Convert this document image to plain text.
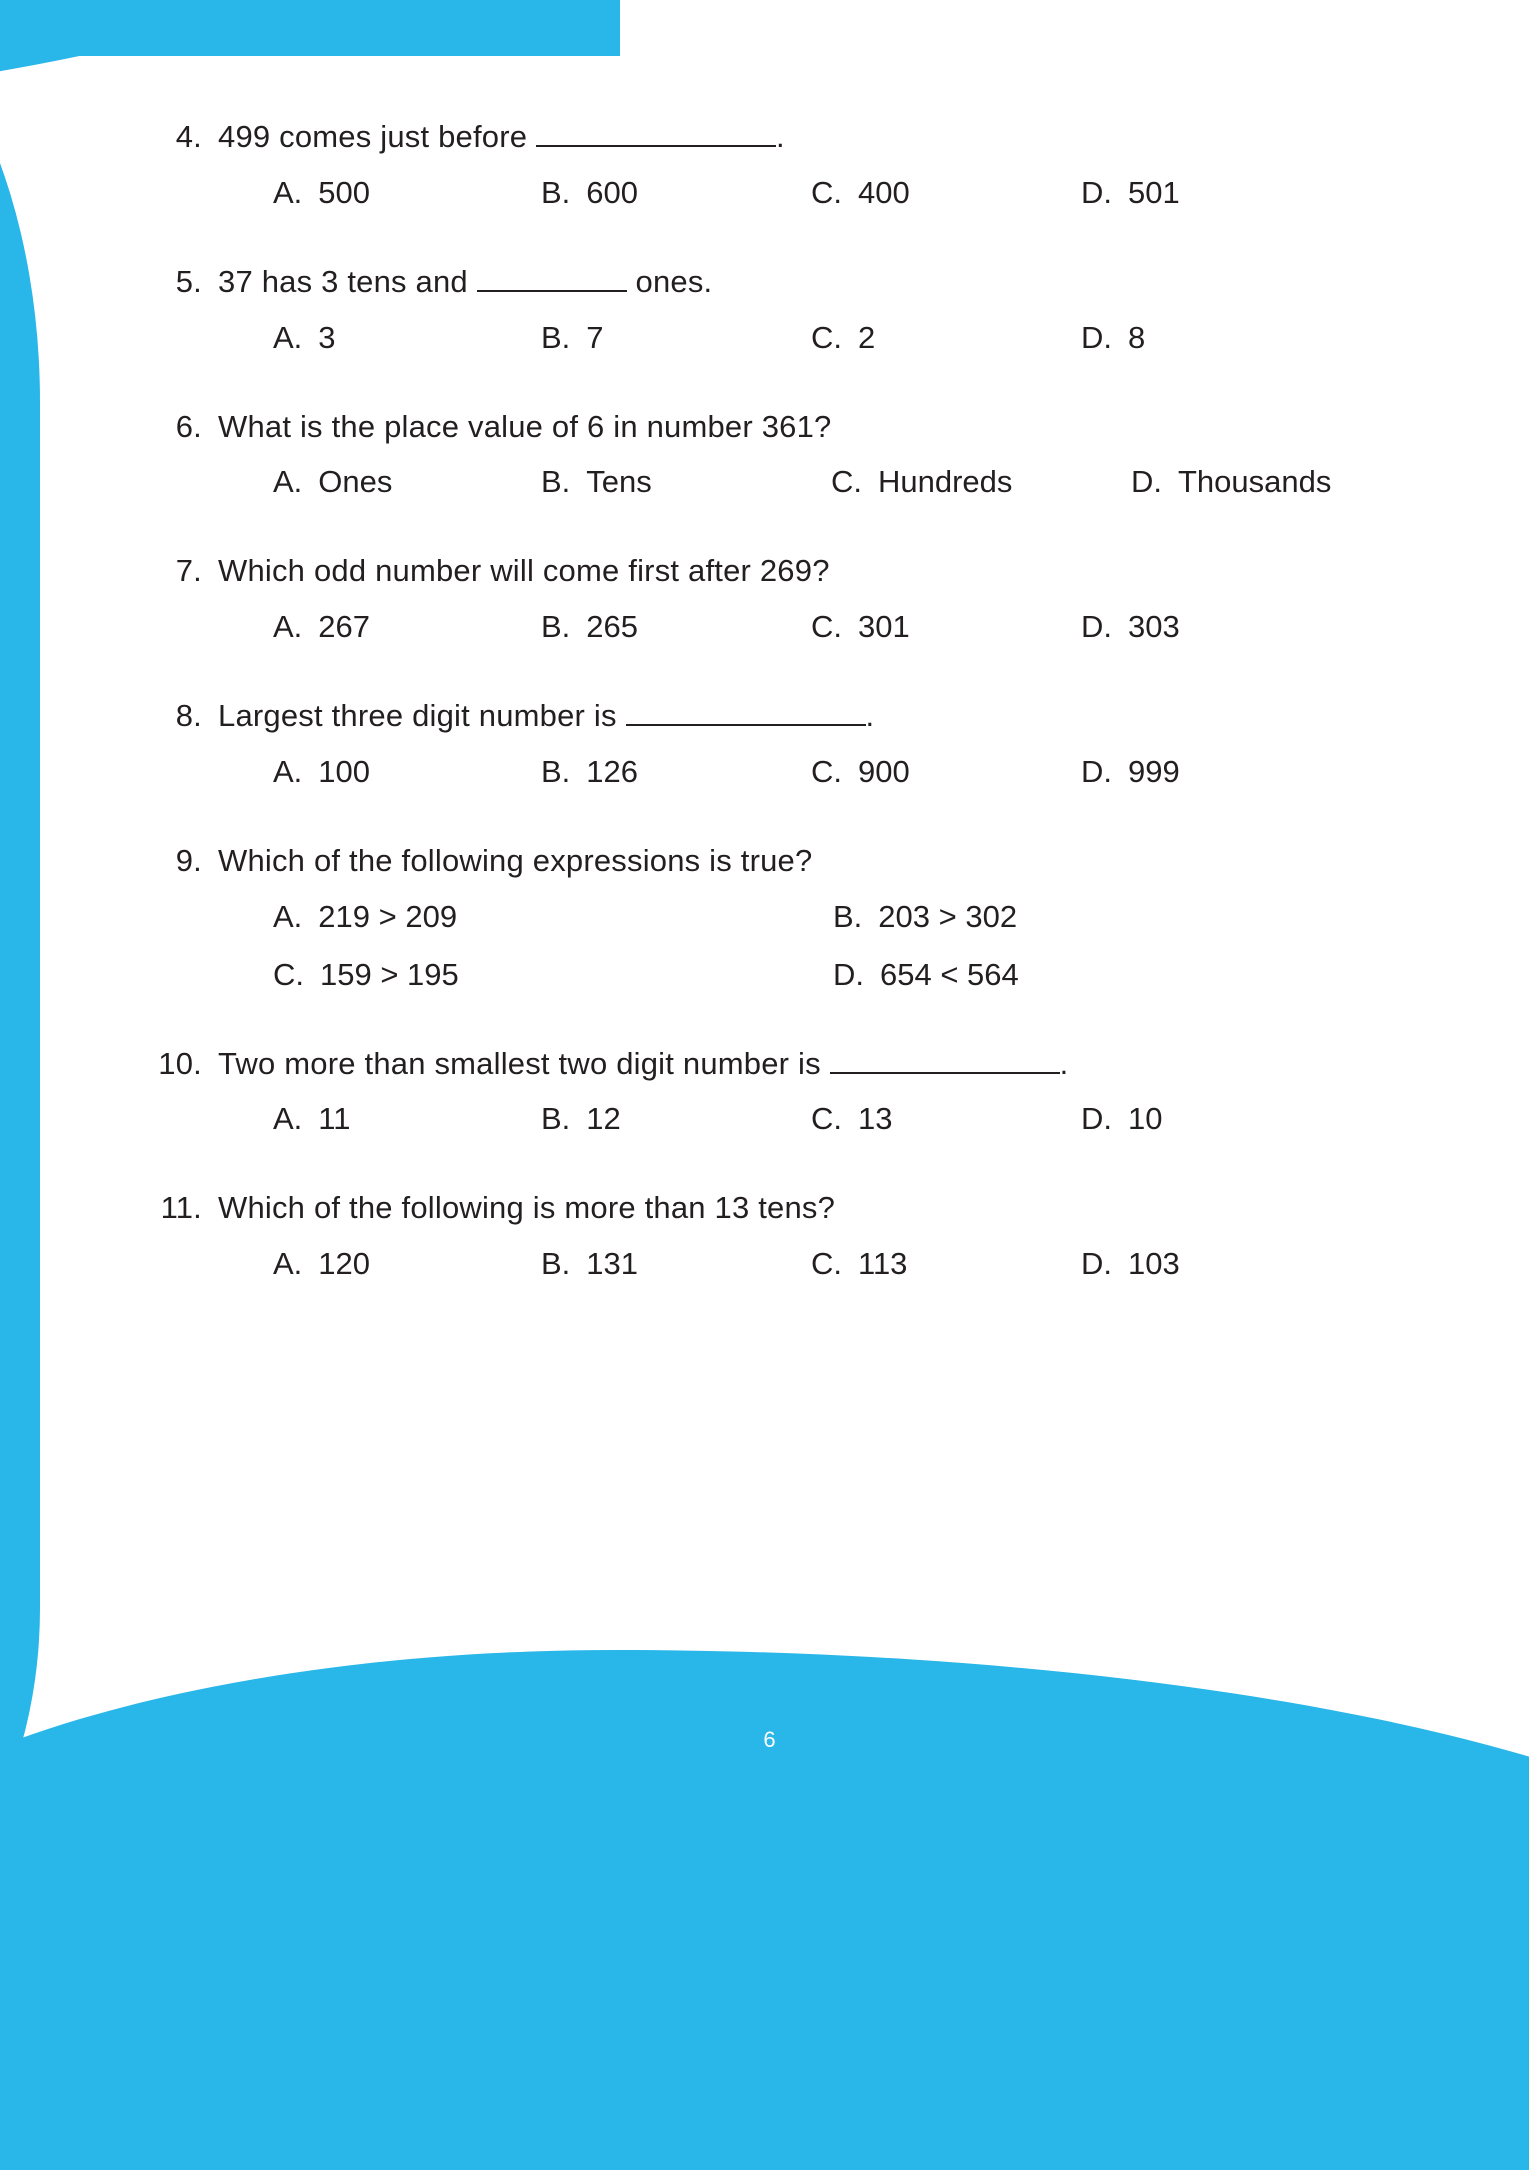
4. 499 comes just before	.
A. 500	B. 600	C. 400	D. 501
5. 37 has 3 tens and	ones.
A. 3	B. 7	C. 2	D. 8
6. What is the place value of 6 in number 361?
A. Ones	B. Tens	C. Hundreds	D. Thousands
7. Which odd number will come first after 269?
A. 267	B. 265	C. 301	D. 303
8. Largest three digit number is	.
A. 100	B. 126	C. 900	D. 999
9. Which of the following expressions is true?
A. 219 > 209	B. 203 > 302
C. 159 > 195	D. 654 < 564
10. Two more than smallest two digit number is	.
A. 11	B. 12	C. 13	D. 10
11. Which of the following is more than 13 tens?
A. 120	B. 131	C. 113	D. 103
6
